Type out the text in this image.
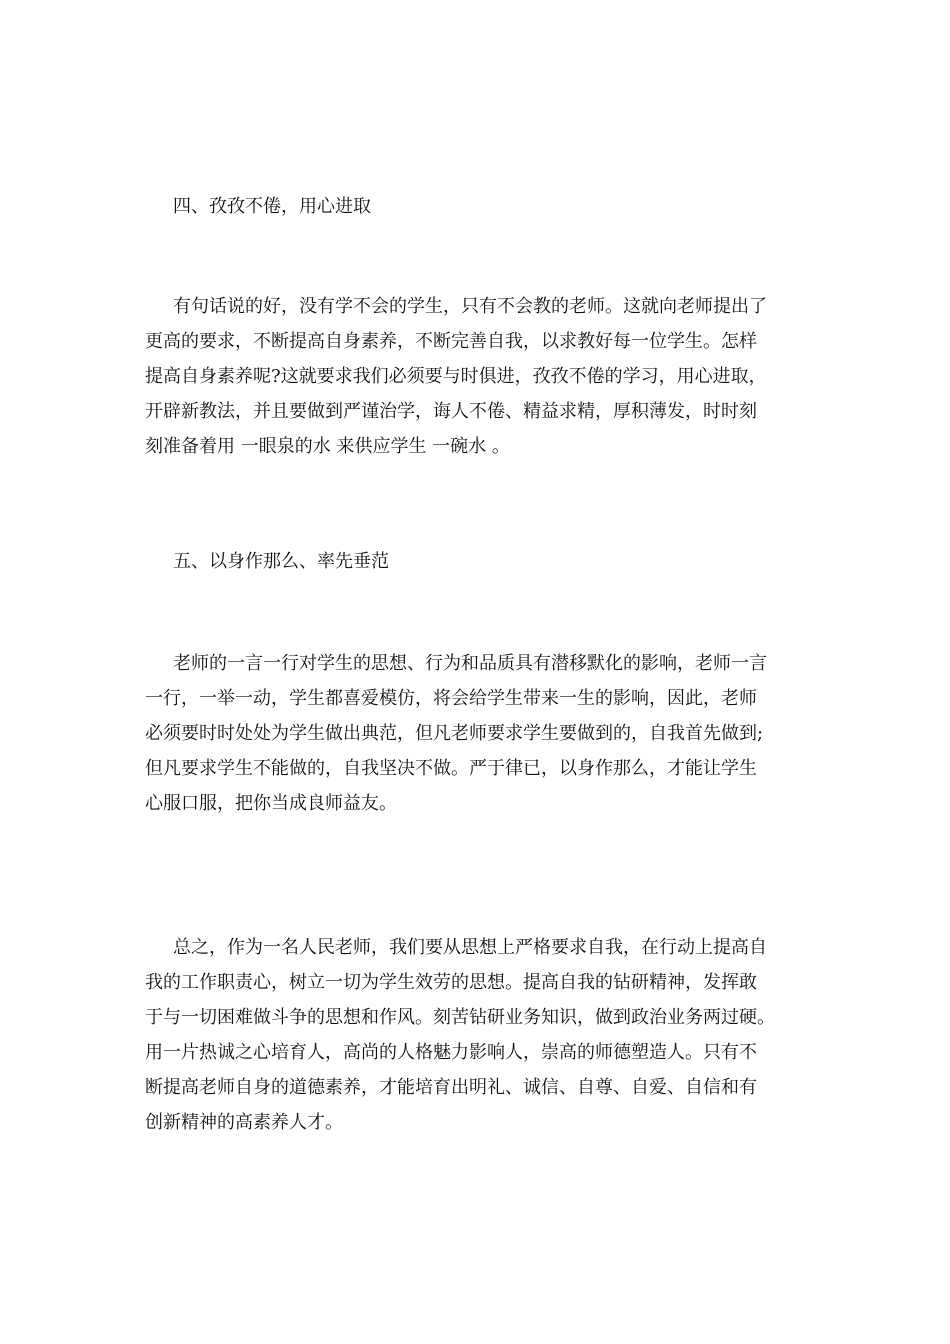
四、孜孜不倦，用心进取
有句话说的好，没有学不会的学生，只有不会教的老师。这就向老师提出了
更高的要求，不断提高自身素养，不断完善自我，以求教好每一位学生。怎样
提高自身素养呢?这就要求我们必须要与时俱进，孜孜不倦的学习，用心进取，
开辟新教法，并且要做到严谨治学，诲人不倦、精益求精，厚积薄发，时时刻
刻准备着用 一眼泉的水 来供应学生 一碗水 。
五、以身作那么、率先垂范
老师的一言一行对学生的思想、行为和品质具有潜移默化的影响，老师一言
一行，一举一动，学生都喜爱模仿，将会给学生带来一生的影响，因此，老师
必须要时时处处为学生做出典范，但凡老师要求学生要做到的，自我首先做到;
但凡要求学生不能做的，自我坚决不做。严于律已，以身作那么，才能让学生
心服口服，把你当成良师益友。
总之，作为一名人民老师，我们要从思想上严格要求自我，在行动上提高自
我的工作职责心，树立一切为学生效劳的思想。提高自我的钻研精神，发挥敢
于与一切困难做斗争的思想和作风。刻苦钻研业务知识，做到政治业务两过硬。
用一片热诚之心培育人，高尚的人格魅力影响人，崇高的师德塑造人。只有不
断提高老师自身的道德素养，才能培育出明礼、诚信、自尊、自爱、自信和有
创新精神的高素养人才。
